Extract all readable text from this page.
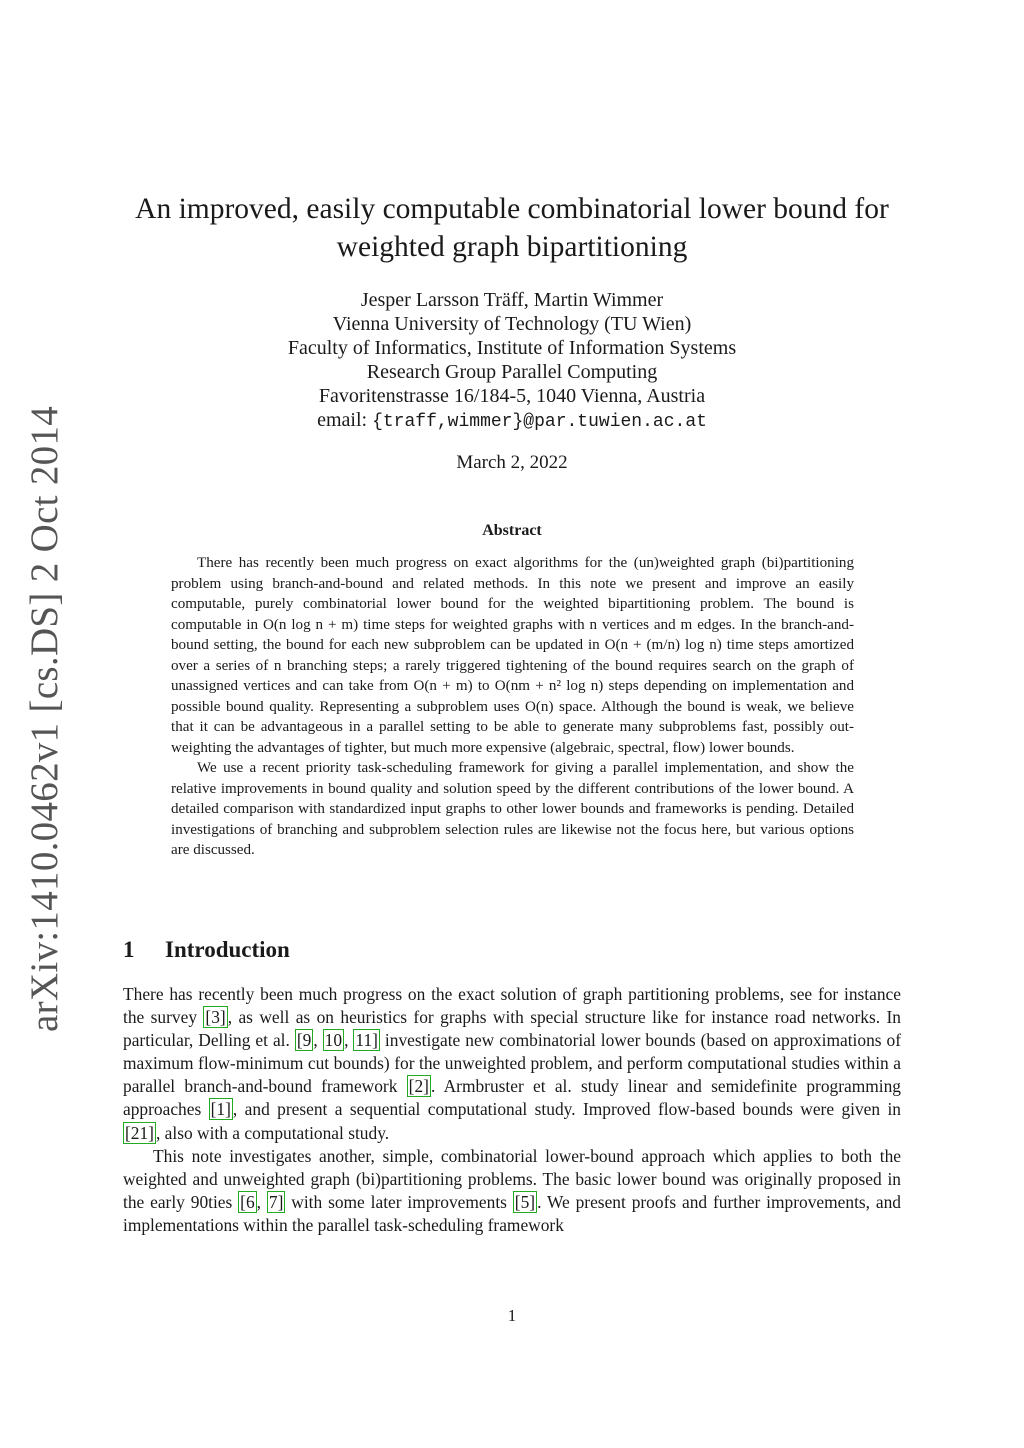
arXiv:1410.0462v1 [cs.DS] 2 Oct 2014
An improved, easily computable combinatorial lower bound for
weighted graph bipartitioning
Jesper Larsson Träff, Martin Wimmer
Vienna University of Technology (TU Wien)
Faculty of Informatics, Institute of Information Systems
Research Group Parallel Computing
Favoritenstrasse 16/184-5, 1040 Vienna, Austria
email: {traff,wimmer}@par.tuwien.ac.at
March 2, 2022
Abstract

There has recently been much progress on exact algorithms for the (un)weighted graph (bi)partitioning problem using branch-and-bound and related methods. In this note we present and improve an easily computable, purely combinatorial lower bound for the weighted bipartitioning problem. The bound is computable in O(n log n + m) time steps for weighted graphs with n vertices and m edges. In the branch-and-bound setting, the bound for each new subproblem can be updated in O(n + (m/n) log n) time steps amortized over a series of n branching steps; a rarely triggered tightening of the bound requires search on the graph of unassigned vertices and can take from O(n + m) to O(nm + n² log n) steps depending on implementation and possible bound quality. Representing a subproblem uses O(n) space. Although the bound is weak, we believe that it can be advantageous in a parallel setting to be able to generate many subproblems fast, possibly out-weighting the advantages of tighter, but much more expensive (algebraic, spectral, flow) lower bounds.

We use a recent priority task-scheduling framework for giving a parallel implementation, and show the relative improvements in bound quality and solution speed by the different contributions of the lower bound. A detailed comparison with standardized input graphs to other lower bounds and frameworks is pending. Detailed investigations of branching and subproblem selection rules are likewise not the focus here, but various options are discussed.

1 Introduction

There has recently been much progress on the exact solution of graph partitioning problems, see for instance the survey [3] , as well as on heuristics for graphs with special structure like for instance road networks. In particular, Delling et al. [9 , 10 , 11] investigate new combinatorial lower bounds (based on approximations of maximum flow-minimum cut bounds) for the unweighted problem, and perform computational studies within a parallel branch-and-bound framework [2] . Armbruster et al. study linear and semidefinite programming approaches [1] , and present a sequential computational study. Improved flow-based bounds were given in [21] , also with a computational study.

This note investigates another, simple, combinatorial lower-bound approach which applies to both the weighted and unweighted graph (bi)partitioning problems. The basic lower bound was originally proposed in the early 90ties [6 , 7] with some later improvements [5] . We present proofs and further improvements, and implementations within the parallel task-scheduling framework

1
